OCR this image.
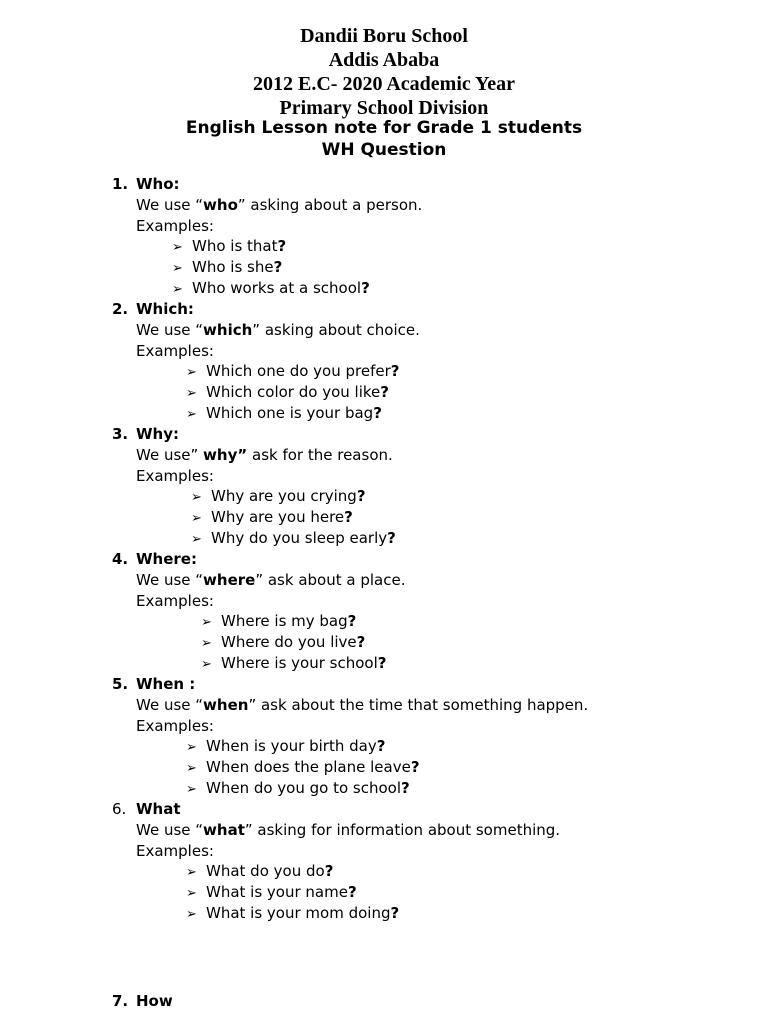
Dandii Boru School
Addis Ababa
2012 E.C- 2020 Academic Year
Primary School Division
English Lesson note for Grade 1 students
WH Question
1. Who:
We use “who” asking about a person.
Examples:
➢ Who is that?
➢ Who is she?
➢ Who works at a school?
2. Which:
We use “which” asking about choice.
Examples:
➢ Which one do you prefer?
➢ Which color do you like?
➢ Which one is your bag?
3. Why:
We use” why” ask for the reason.
Examples:
➢ Why are you crying?
➢ Why are you here?
➢ Why do you sleep early?
4. Where:
We use “where” ask about a place.
Examples:
➢ Where is my bag?
➢ Where do you live?
➢ Where is your school?
5. When :
We use “when” ask about the time that something happen.
Examples:
➢ When is your birth day?
➢ When does the plane leave?
➢ When do you go to school?
6. What
We use “what” asking for information about something.
Examples:
➢ What do you do?
➢ What is your name?
➢ What is your mom doing?
7. How
